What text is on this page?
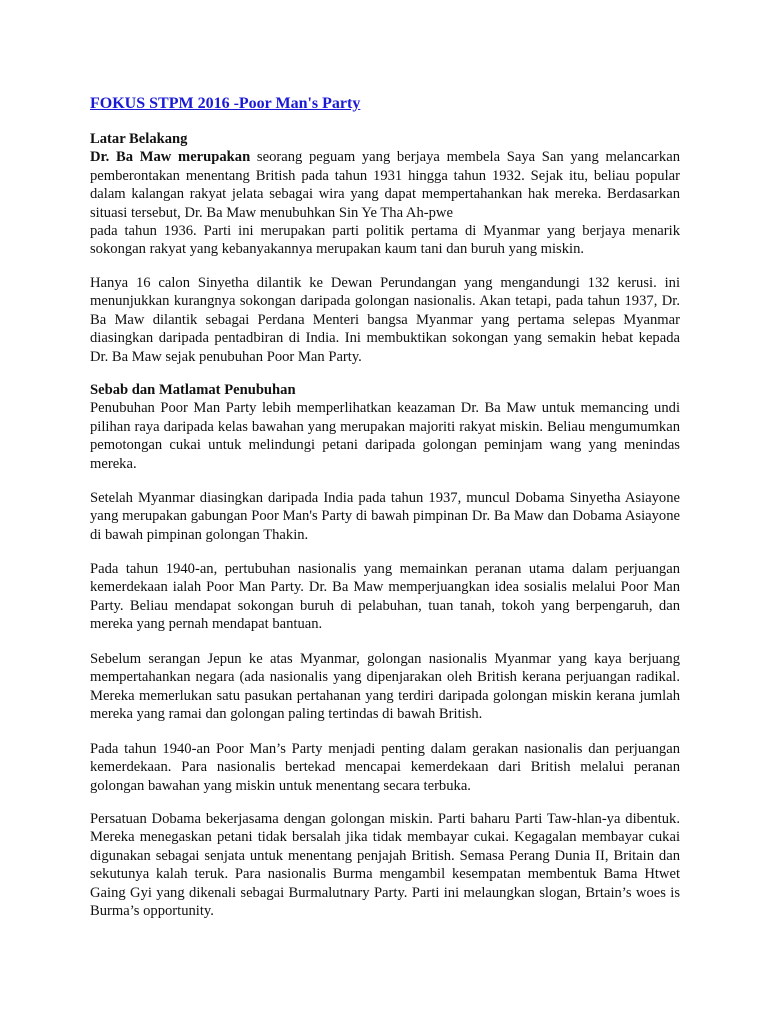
FOKUS STPM 2016 -Poor Man's Party
Latar Belakang
Dr. Ba Maw merupakan seorang peguam yang berjaya membela Saya San yang melancarkan pemberontakan menentang British pada tahun 1931 hingga tahun 1932. Sejak itu, beliau popular dalam kalangan rakyat jelata sebagai wira yang dapat mempertahankan hak mereka. Berdasarkan situasi tersebut, Dr. Ba Maw menubuhkan Sin Ye Tha Ah-pwe
pada tahun 1936. Parti ini merupakan parti politik pertama di Myanmar yang berjaya menarik sokongan rakyat yang kebanyakannya merupakan kaum tani dan buruh yang miskin.
Hanya 16 calon Sinyetha dilantik ke Dewan Perundangan yang mengandungi 132 kerusi. ini menunjukkan kurangnya sokongan daripada golongan nasionalis. Akan tetapi, pada tahun 1937, Dr. Ba Maw dilantik sebagai Perdana Menteri bangsa Myanmar yang pertama selepas Myanmar diasingkan daripada pentadbiran di India. Ini membuktikan sokongan yang semakin hebat kepada Dr. Ba Maw sejak penubuhan Poor Man Party.
Sebab dan Matlamat Penubuhan
Penubuhan Poor Man Party lebih memperlihatkan keazaman Dr. Ba Maw untuk memancing undi pilihan raya daripada kelas bawahan yang merupakan majoriti rakyat miskin. Beliau mengumumkan pemotongan cukai untuk melindungi petani daripada golongan peminjam wang yang menindas mereka.
Setelah Myanmar diasingkan daripada India pada tahun 1937, muncul Dobama Sinyetha Asiayone yang merupakan gabungan Poor Man's Party di bawah pimpinan Dr. Ba Maw dan Dobama Asiayone di bawah pimpinan golongan Thakin.
Pada tahun 1940-an, pertubuhan nasionalis yang memainkan peranan utama dalam perjuangan kemerdekaan ialah Poor Man Party. Dr. Ba Maw memperjuangkan idea sosialis melalui Poor Man Party. Beliau mendapat sokongan buruh di pelabuhan, tuan tanah, tokoh yang berpengaruh, dan mereka yang pernah mendapat bantuan.
Sebelum serangan Jepun ke atas Myanmar, golongan nasionalis Myanmar yang kaya berjuang mempertahankan negara (ada nasionalis yang dipenjarakan oleh British kerana perjuangan radikal. Mereka memerlukan satu pasukan pertahanan yang terdiri daripada golongan miskin kerana jumlah mereka yang ramai dan golongan paling tertindas di bawah British.
Pada tahun 1940-an Poor Man’s Party menjadi penting dalam gerakan nasionalis dan perjuangan kemerdekaan. Para nasionalis bertekad mencapai kemerdekaan dari British melalui peranan golongan bawahan yang miskin untuk menentang secara terbuka.
Persatuan Dobama bekerjasama dengan golongan miskin. Parti baharu Parti Taw-hlan-ya dibentuk. Mereka menegaskan petani tidak bersalah jika tidak membayar cukai. Kegagalan membayar cukai digunakan sebagai senjata untuk menentang penjajah British. Semasa Perang Dunia II, Britain dan sekutunya kalah teruk. Para nasionalis Burma mengambil kesempatan membentuk Bama Htwet Gaing Gyi yang dikenali sebagai Burmalutnary Party. Parti ini melaungkan slogan, Brtain’s woes is Burma’s opportunity.
